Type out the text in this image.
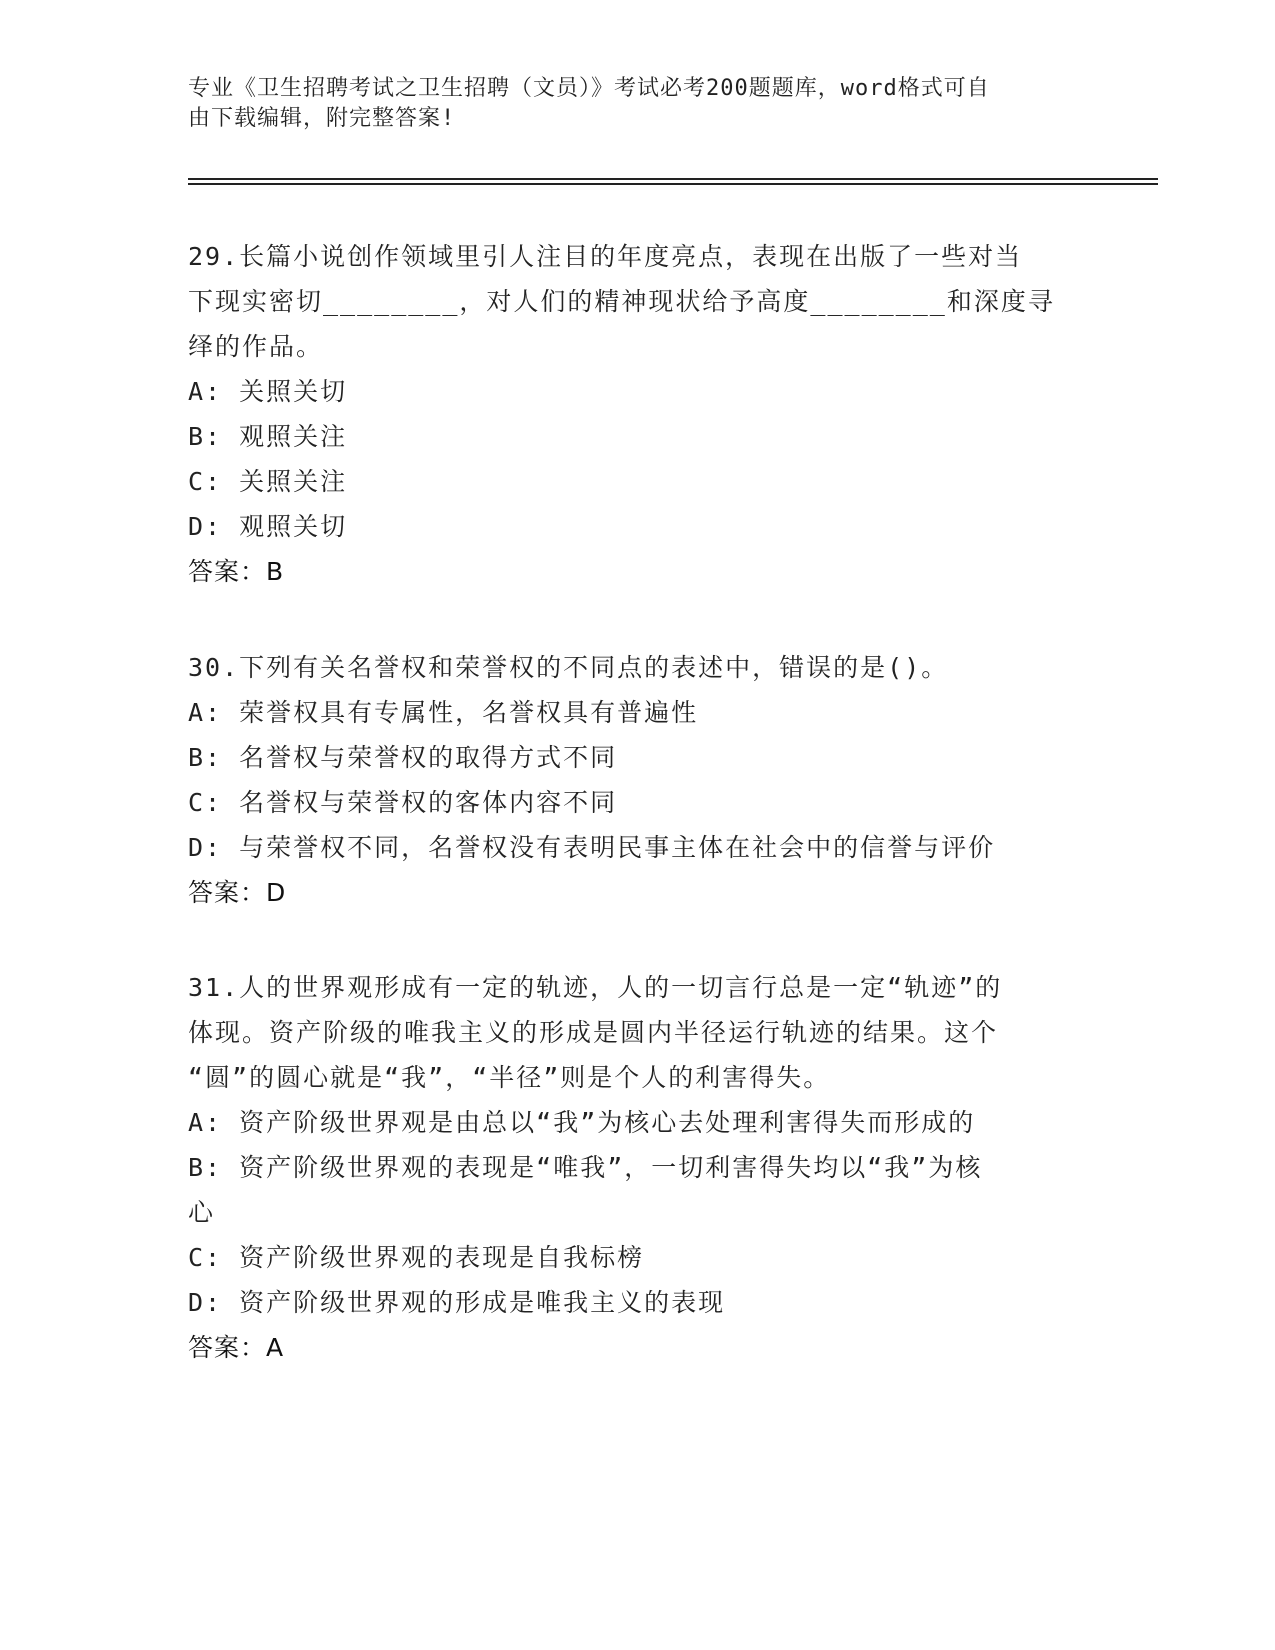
专业《卫生招聘考试之卫生招聘（文员）》考试必考200题题库，word格式可自
由下载编辑，附完整答案!
29.长篇小说创作领域里引人注目的年度亮点，表现在出版了一些对当
下现实密切________，对人们的精神现状给予高度________和深度寻
绎的作品。
A: 关照关切
B: 观照关注
C: 关照关注
D: 观照关切
答案：B
30.下列有关名誉权和荣誉权的不同点的表述中，错误的是()。
A: 荣誉权具有专属性，名誉权具有普遍性
B: 名誉权与荣誉权的取得方式不同
C: 名誉权与荣誉权的客体内容不同
D: 与荣誉权不同，名誉权没有表明民事主体在社会中的信誉与评价
答案：D
31.人的世界观形成有一定的轨迹，人的一切言行总是一定“轨迹”的
体现。资产阶级的唯我主义的形成是圆内半径运行轨迹的结果。这个
“圆”的圆心就是“我”，“半径”则是个人的利害得失。
A: 资产阶级世界观是由总以“我”为核心去处理利害得失而形成的
B: 资产阶级世界观的表现是“唯我”，一切利害得失均以“我”为核
心
C: 资产阶级世界观的表现是自我标榜
D: 资产阶级世界观的形成是唯我主义的表现
答案：A
